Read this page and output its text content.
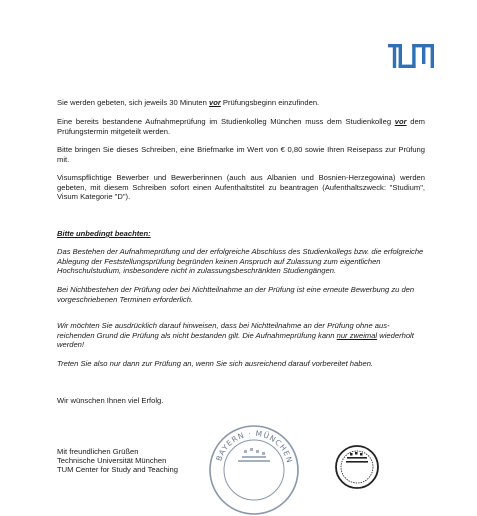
Sie werden gebeten, sich jeweils 30 Minuten vor Prüfungsbeginn einzufinden.

Eine bereits bestandene Aufnahmeprüfung im Studienkolleg München muss dem Studienkolleg vor dem Prüfungstermin mitgeteilt werden.

Bitte bringen Sie dieses Schreiben, eine Briefmarke im Wert von € 0,80 sowie Ihren Reisepass zur Prüfung mit.

Visumspflichtige Bewerber und Bewerberinnen (auch aus Albanien und Bosnien-Herzegowina) werden gebeten, mit diesem Schreiben sofort einen Aufenthaltstitel zu beantragen (Aufenthaltszweck: "Studium", Visum Kategorie "D").

Bitte unbedingt beachten:

Das Bestehen der Aufnahmeprüfung und der erfolgreiche Abschluss des Studienkollegs bzw. die erfolgreiche Ablegung der Feststellungsprüfung begründen keinen Anspruch auf Zulassung zum eigentlichen Hochschulstudium, insbesondere nicht in zulassungsbeschränkten Studiengängen.

Bei Nichtbestehen der Prüfung oder bei Nichtteilnahme an der Prüfung ist eine erneute Bewerbung zu den vorgeschriebenen Terminen erforderlich.

Wir möchten Sie ausdrücklich darauf hinweisen, dass bei Nichtteilnahme an der Prüfung ohne aus-reichenden Grund die Prüfung als nicht bestanden gilt. Die Aufnahmeprüfung kann nur zweimal wiederholt werden!

Treten Sie also nur dann zur Prüfung an, wenn Sie sich ausreichend darauf vorbereitet haben.

Wir wünschen Ihnen viel Erfolg.

Mit freundlichen Grüßen
Technische Universität München
TUM Center for Study and Teaching
BAYERN · MÜNCHEN
